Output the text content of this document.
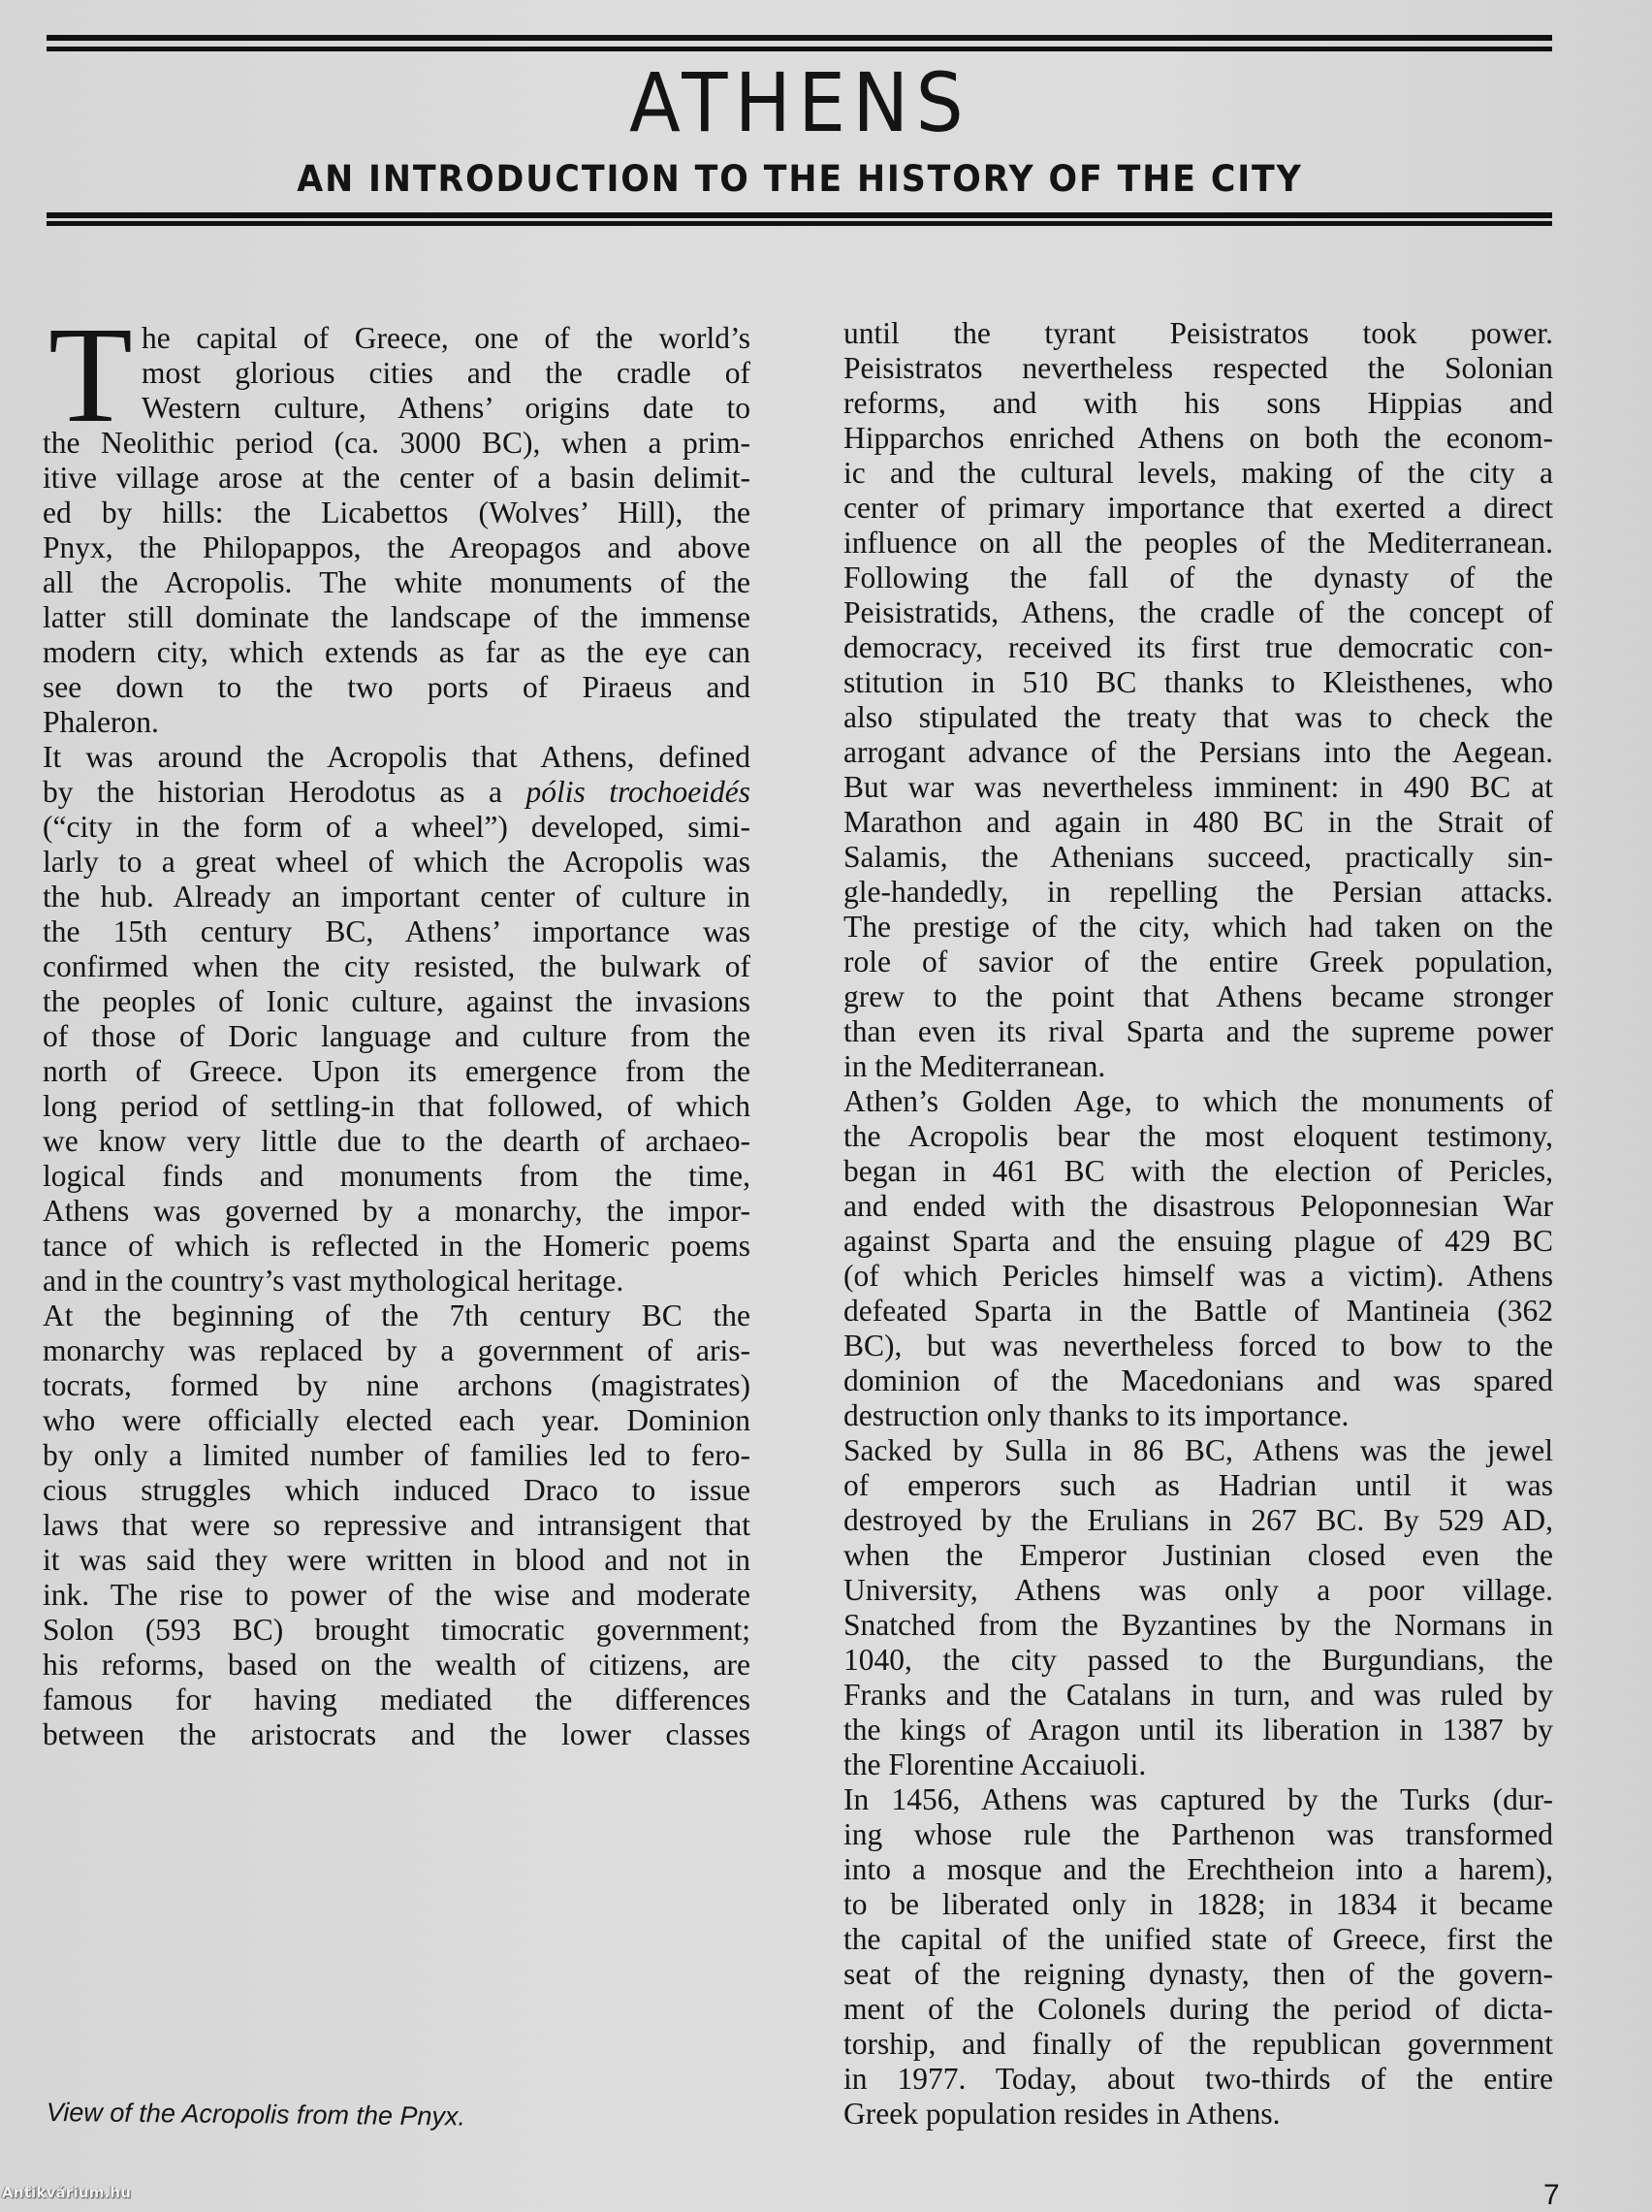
ATHENS
AN INTRODUCTION TO THE HISTORY OF THE CITY
T he capital of Greece, one of the world’s
most glorious cities and the cradle of
Western culture, Athens’ origins date to
the Neolithic period (ca. 3000 BC), when a prim-
itive village arose at the center of a basin delimit-
ed by hills: the Licabettos (Wolves’ Hill), the
Pnyx, the Philopappos, the Areopagos and above
all the Acropolis. The white monuments of the
latter still dominate the landscape of the immense
modern city, which extends as far as the eye can
see down to the two ports of Piraeus and
Phaleron.
It was around the Acropolis that Athens, defined
by the historian Herodotus as a pólis trochoeidés
(“city in the form of a wheel”) developed, simi-
larly to a great wheel of which the Acropolis was
the hub. Already an important center of culture in
the 15th century BC, Athens’ importance was
confirmed when the city resisted, the bulwark of
the peoples of Ionic culture, against the invasions
of those of Doric language and culture from the
north of Greece. Upon its emergence from the
long period of settling-in that followed, of which
we know very little due to the dearth of archaeo-
logical finds and monuments from the time,
Athens was governed by a monarchy, the impor-
tance of which is reflected in the Homeric poems
and in the country’s vast mythological heritage.
At the beginning of the 7th century BC the
monarchy was replaced by a government of aris-
tocrats, formed by nine archons (magistrates)
who were officially elected each year. Dominion
by only a limited number of families led to fero-
cious struggles which induced Draco to issue
laws that were so repressive and intransigent that
it was said they were written in blood and not in
ink. The rise to power of the wise and moderate
Solon (593 BC) brought timocratic government;
his reforms, based on the wealth of citizens, are
famous for having mediated the differences
between the aristocrats and the lower classes
until the tyrant Peisistratos took power.
Peisistratos nevertheless respected the Solonian
reforms, and with his sons Hippias and
Hipparchos enriched Athens on both the econom-
ic and the cultural levels, making of the city a
center of primary importance that exerted a direct
influence on all the peoples of the Mediterranean.
Following the fall of the dynasty of the
Peisistratids, Athens, the cradle of the concept of
democracy, received its first true democratic con-
stitution in 510 BC thanks to Kleisthenes, who
also stipulated the treaty that was to check the
arrogant advance of the Persians into the Aegean.
But war was nevertheless imminent: in 490 BC at
Marathon and again in 480 BC in the Strait of
Salamis, the Athenians succeed, practically sin-
gle-handedly, in repelling the Persian attacks.
The prestige of the city, which had taken on the
role of savior of the entire Greek population,
grew to the point that Athens became stronger
than even its rival Sparta and the supreme power
in the Mediterranean.
Athen’s Golden Age, to which the monuments of
the Acropolis bear the most eloquent testimony,
began in 461 BC with the election of Pericles,
and ended with the disastrous Peloponnesian War
against Sparta and the ensuing plague of 429 BC
(of which Pericles himself was a victim). Athens
defeated Sparta in the Battle of Mantineia (362
BC), but was nevertheless forced to bow to the
dominion of the Macedonians and was spared
destruction only thanks to its importance.
Sacked by Sulla in 86 BC, Athens was the jewel
of emperors such as Hadrian until it was
destroyed by the Erulians in 267 BC. By 529 AD,
when the Emperor Justinian closed even the
University, Athens was only a poor village.
Snatched from the Byzantines by the Normans in
1040, the city passed to the Burgundians, the
Franks and the Catalans in turn, and was ruled by
the kings of Aragon until its liberation in 1387 by
the Florentine Accaiuoli.
In 1456, Athens was captured by the Turks (dur-
ing whose rule the Parthenon was transformed
into a mosque and the Erechtheion into a harem),
to be liberated only in 1828; in 1834 it became
the capital of the unified state of Greece, first the
seat of the reigning dynasty, then of the govern-
ment of the Colonels during the period of dicta-
torship, and finally of the republican government
in 1977. Today, about two-thirds of the entire
Greek population resides in Athens.
View of the Acropolis from the Pnyx.
7
Antikvárium.hu
